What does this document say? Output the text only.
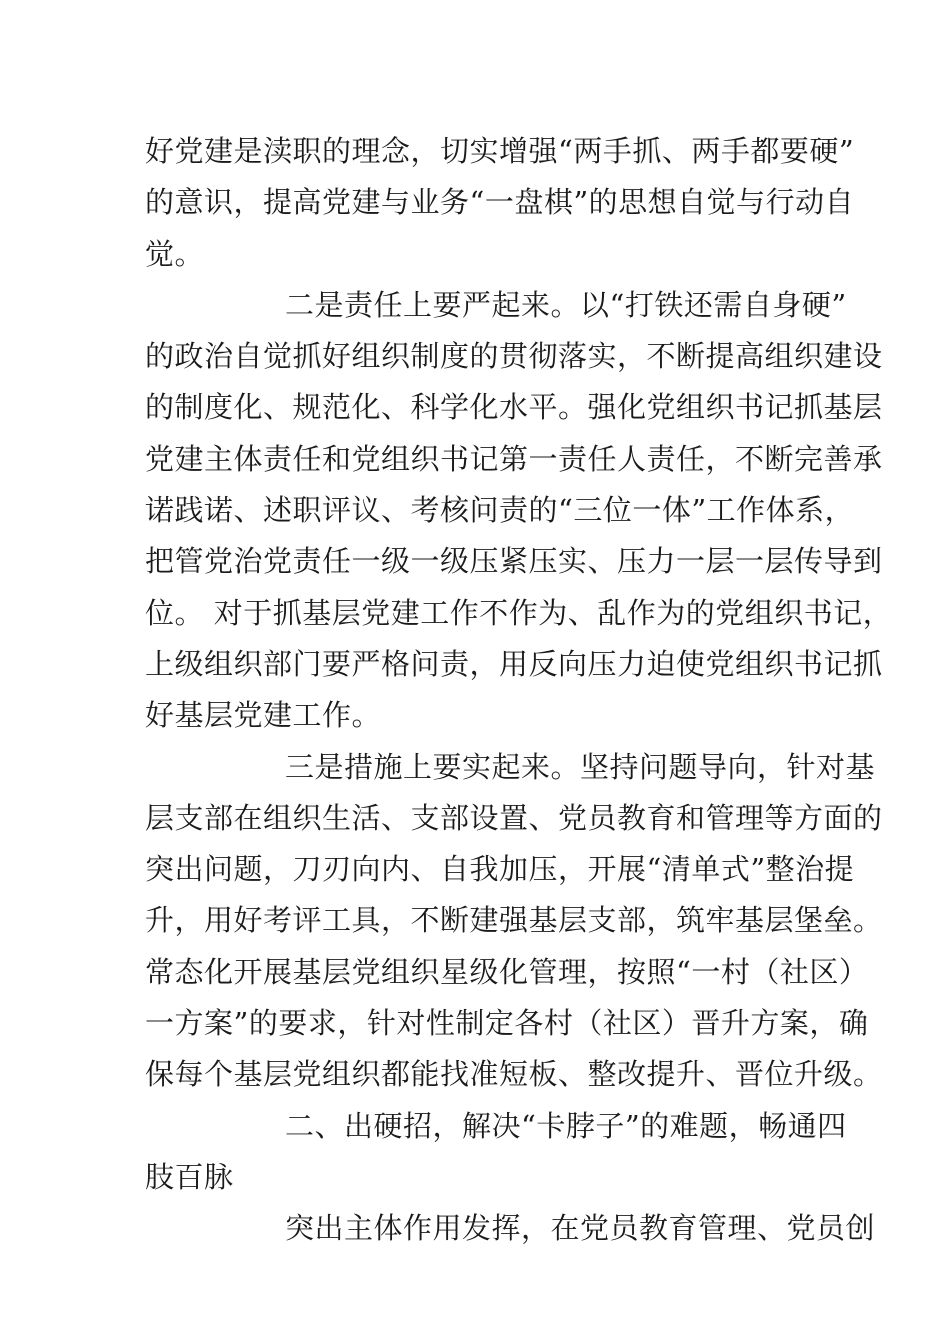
好党建是渎职的理念，切实增强“两手抓、两手都要硬”
的意识，提高党建与业务“一盘棋”的思想自觉与行动自
觉。
二是责任上要严起来。以“打铁还需自身硬”
的政治自觉抓好组织制度的贯彻落实，不断提高组织建设
的制度化、规范化、科学化水平。强化党组织书记抓基层
党建主体责任和党组织书记第一责任人责任，不断完善承
诺践诺、述职评议、考核问责的“三位一体”工作体系，
把管党治党责任一级一级压紧压实、压力一层一层传导到
位。 对于抓基层党建工作不作为、乱作为的党组织书记，
上级组织部门要严格问责，用反向压力迫使党组织书记抓
好基层党建工作。
三是措施上要实起来。坚持问题导向，针对基
层支部在组织生活、支部设置、党员教育和管理等方面的
突出问题，刀刃向内、自我加压，开展“清单式”整治提
升，用好考评工具，不断建强基层支部，筑牢基层堡垒。
常态化开展基层党组织星级化管理，按照“一村（社区）
一方案”的要求，针对性制定各村（社区）晋升方案，确
保每个基层党组织都能找准短板、整改提升、晋位升级。
二、出硬招，解决“卡脖子”的难题，畅通四
肢百脉
突出主体作用发挥，在党员教育管理、党员创
